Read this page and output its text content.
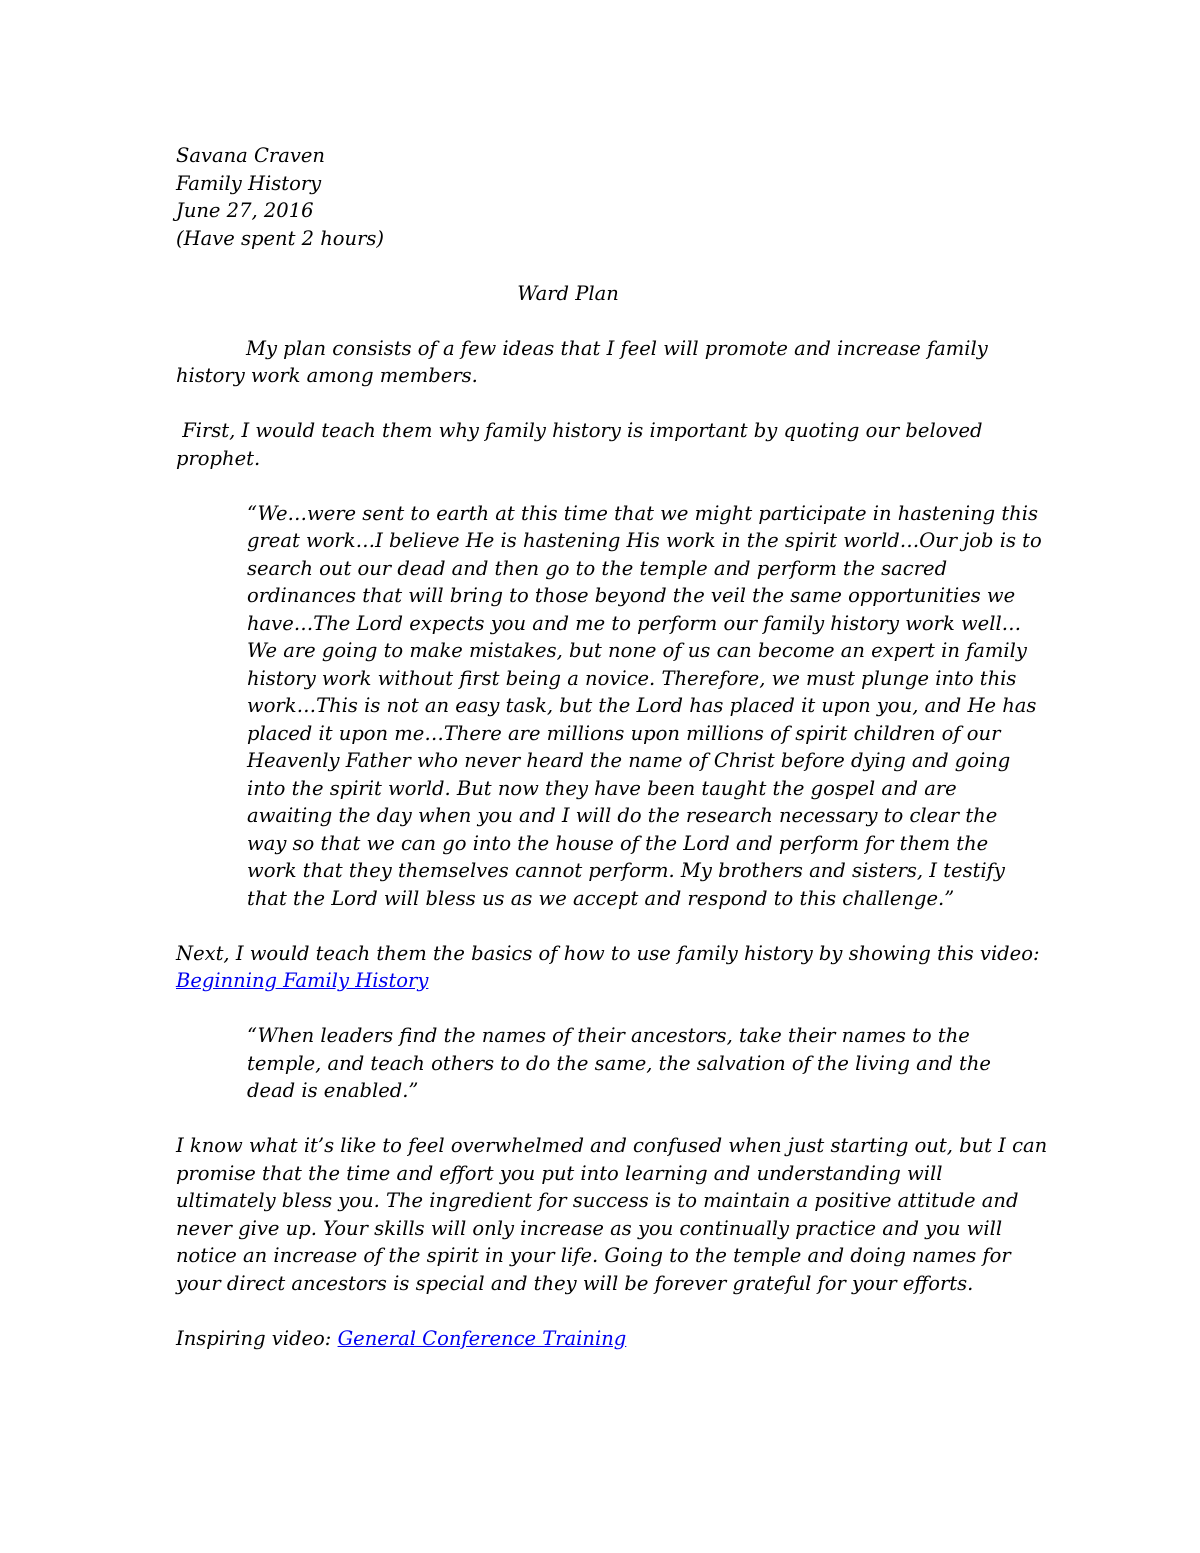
Savana Craven
Family History
June 27, 2016
(Have spent 2 hours)
Ward Plan
My plan consists of a few ideas that I feel will promote and increase family
history work among members.
First, I would teach them why family history is important by quoting our beloved
prophet.
“We…were sent to earth at this time that we might participate in hastening this
great work…I believe He is hastening His work in the spirit world…Our job is to
search out our dead and then go to the temple and perform the sacred
ordinances that will bring to those beyond the veil the same opportunities we
have…The Lord expects you and me to perform our family history work well…
We are going to make mistakes, but none of us can become an expert in family
history work without first being a novice. Therefore, we must plunge into this
work…This is not an easy task, but the Lord has placed it upon you, and He has
placed it upon me…There are millions upon millions of spirit children of our
Heavenly Father who never heard the name of Christ before dying and going
into the spirit world. But now they have been taught the gospel and are
awaiting the day when you and I will do the research necessary to clear the
way so that we can go into the house of the Lord and perform for them the
work that they themselves cannot perform. My brothers and sisters, I testify
that the Lord will bless us as we accept and respond to this challenge.”
Next, I would teach them the basics of how to use family history by showing this video:
Beginning Family History
“When leaders find the names of their ancestors, take their names to the
temple, and teach others to do the same, the salvation of the living and the
dead is enabled.”
I know what it’s like to feel overwhelmed and confused when just starting out, but I can
promise that the time and effort you put into learning and understanding will
ultimately bless you. The ingredient for success is to maintain a positive attitude and
never give up. Your skills will only increase as you continually practice and you will
notice an increase of the spirit in your life. Going to the temple and doing names for
your direct ancestors is special and they will be forever grateful for your efforts.
Inspiring video: General Conference Training
